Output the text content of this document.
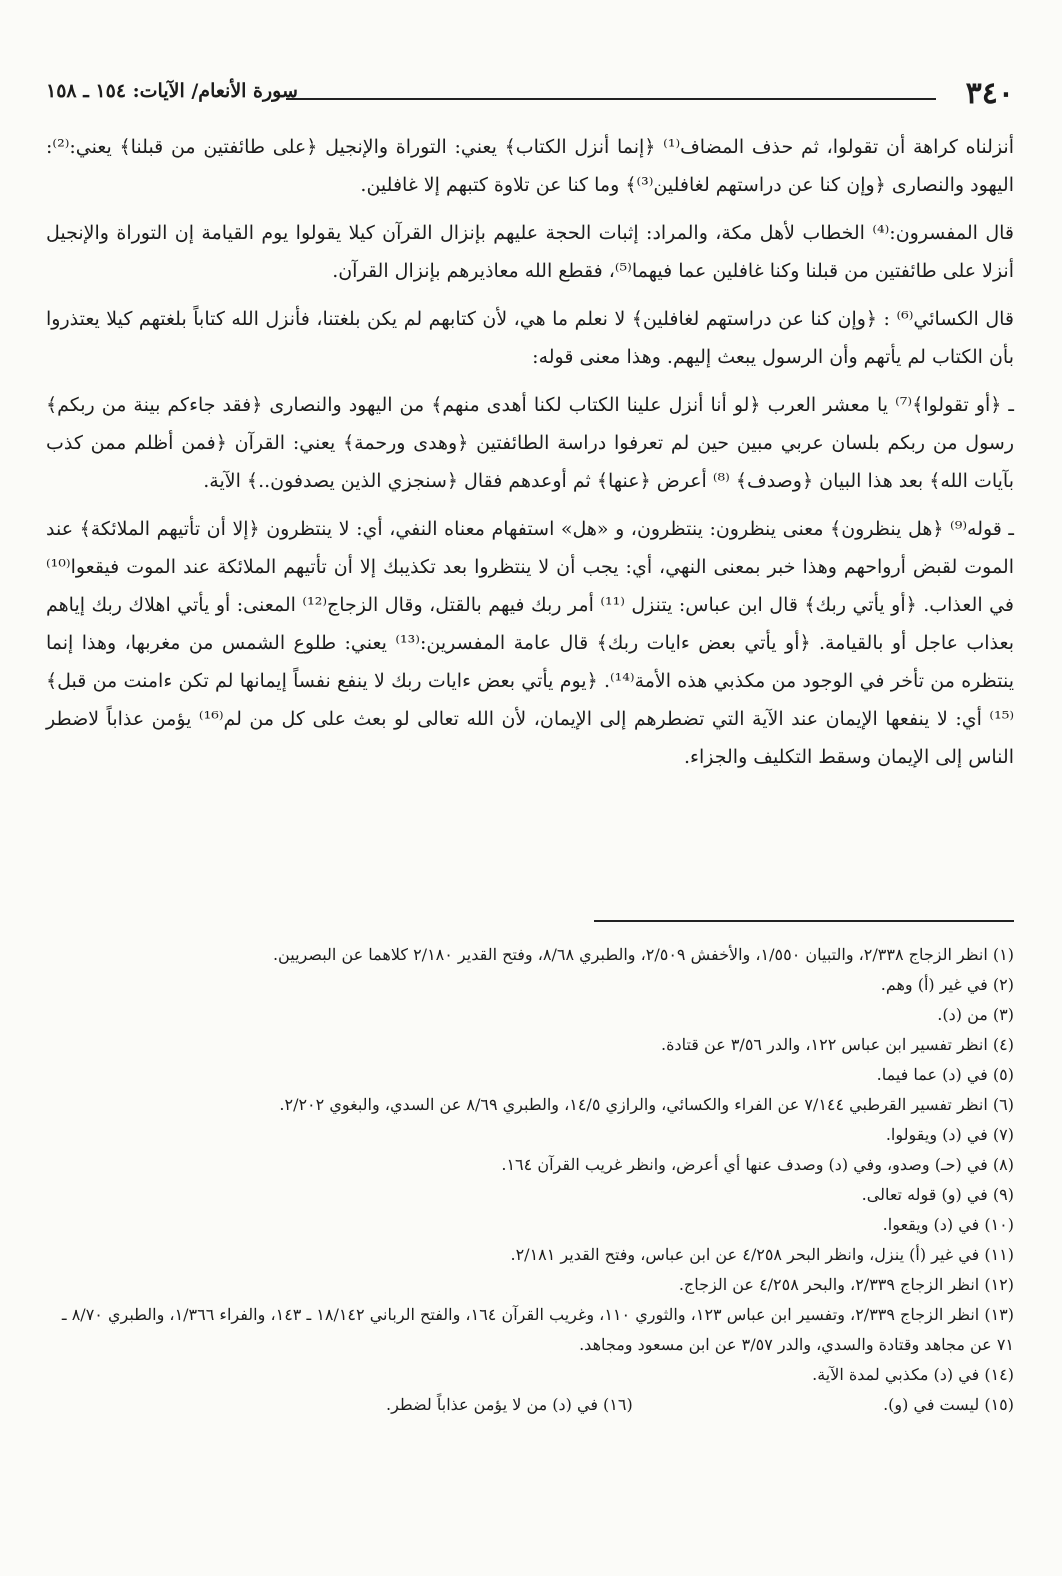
٣٤٠
سورة الأنعام/ الآيات: ١٥٤ ـ ١٥٨

أنزلناه كراهة أن تقولوا، ثم حذف المضاف⁽¹⁾ ﴿إنما أنزل الكتاب﴾ يعني: التوراة والإنجيل ﴿على طائفتين من قبلنا﴾ يعني:⁽²⁾: اليهود والنصارى ﴿وإن كنا عن دراستهم لغافلين⁽³⁾﴾ وما كنا عن تلاوة كتبهم إلا غافلين.

قال المفسرون:⁽⁴⁾ الخطاب لأهل مكة، والمراد: إثبات الحجة عليهم بإنزال القرآن كيلا يقولوا يوم القيامة إن التوراة والإنجيل أنزلا على طائفتين من قبلنا وكنا غافلين عما فيهما⁽⁵⁾، فقطع الله معاذيرهم بإنزال القرآن.

قال الكسائي⁽⁶⁾ : ﴿وإن كنا عن دراستهم لغافلين﴾ لا نعلم ما هي، لأن كتابهم لم يكن بلغتنا، فأنزل الله كتاباً بلغتهم كيلا يعتذروا بأن الكتاب لم يأتهم وأن الرسول يبعث إليهم. وهذا معنى قوله:

ـ ﴿أو تقولوا﴾⁽⁷⁾ يا معشر العرب ﴿لو أنا أنزل علينا الكتاب لكنا أهدى منهم﴾ من اليهود والنصارى ﴿فقد جاءكم بينة من ربكم﴾ رسول من ربكم بلسان عربي مبين حين لم تعرفوا دراسة الطائفتين ﴿وهدى ورحمة﴾ يعني: القرآن ﴿فمن أظلم ممن كذب بآيات الله﴾ بعد هذا البيان ﴿وصدف﴾ ⁽⁸⁾ أعرض ﴿عنها﴾ ثم أوعدهم فقال ﴿سنجزي الذين يصدفون..﴾ الآية.

ـ قوله⁽⁹⁾ ﴿هل ينظرون﴾ معنى ينظرون: ينتظرون، و «هل» استفهام معناه النفي، أي: لا ينتظرون ﴿إلا أن تأتيهم الملائكة﴾ عند الموت لقبض أرواحهم وهذا خبر بمعنى النهي، أي: يجب أن لا ينتظروا بعد تكذيبك إلا أن تأتيهم الملائكة عند الموت فيقعوا⁽¹⁰⁾ في العذاب. ﴿أو يأتي ربك﴾ قال ابن عباس: يتنزل ⁽¹¹⁾ أمر ربك فيهم بالقتل، وقال الزجاج⁽¹²⁾ المعنى: أو يأتي اهلاك ربك إياهم بعذاب عاجل أو بالقيامة. ﴿أو يأتي بعض ءايات ربك﴾ قال عامة المفسرين:⁽¹³⁾ يعني: طلوع الشمس من مغربها، وهذا إنما ينتظره من تأخر في الوجود من مكذبي هذه الأمة⁽¹⁴⁾. ﴿يوم يأتي بعض ءايات ربك لا ينفع نفساً إيمانها لم تكن ءامنت من قبل﴾⁽¹⁵⁾ أي: لا ينفعها الإيمان عند الآية التي تضطرهم إلى الإيمان، لأن الله تعالى لو بعث على كل من لم⁽¹⁶⁾ يؤمن عذاباً لاضطر الناس إلى الإيمان وسقط التكليف والجزاء.

(١) انظر الزجاج ٢/٣٣٨، والتبيان ١/٥٥٠، والأخفش ٢/٥٠٩، والطبري ٨/٦٨، وفتح القدير ٢/١٨٠ كلاهما عن البصريين.

(٢) في غير (أ) وهم.

(٣) من (د).

(٤) انظر تفسير ابن عباس ١٢٢، والدر ٣/٥٦ عن قتادة.

(٥) في (د) عما فيما.

(٦) انظر تفسير القرطبي ٧/١٤٤ عن الفراء والكسائي، والرازي ١٤/٥، والطبري ٨/٦٩ عن السدي، والبغوي ٢/٢٠٢.

(٧) في (د) ويقولوا.

(٨) في (حـ) وصدو، وفي (د) وصدف عنها أي أعرض، وانظر غريب القرآن ١٦٤.

(٩) في (و) قوله تعالى.

(١٠) في (د) ويقعوا.

(١١) في غير (أ) ينزل، وانظر البحر ٤/٢٥٨ عن ابن عباس، وفتح القدير ٢/١٨١.

(١٢) انظر الزجاج ٢/٣٣٩، والبحر ٤/٢٥٨ عن الزجاج.

(١٣) انظر الزجاج ٢/٣٣٩، وتفسير ابن عباس ١٢٣، والثوري ١١٠، وغريب القرآن ١٦٤، والفتح الرباني ١٨/١٤٢ ـ ١٤٣، والفراء ١/٣٦٦، والطبري ٨/٧٠ ـ ٧١ عن مجاهد وقتادة والسدي، والدر ٣/٥٧ عن ابن مسعود ومجاهد.

(١٤) في (د) مكذبي لمدة الآية.

(١٥) ليست في (و).
(١٦) في (د) من لا يؤمن عذاباً لضطر.
